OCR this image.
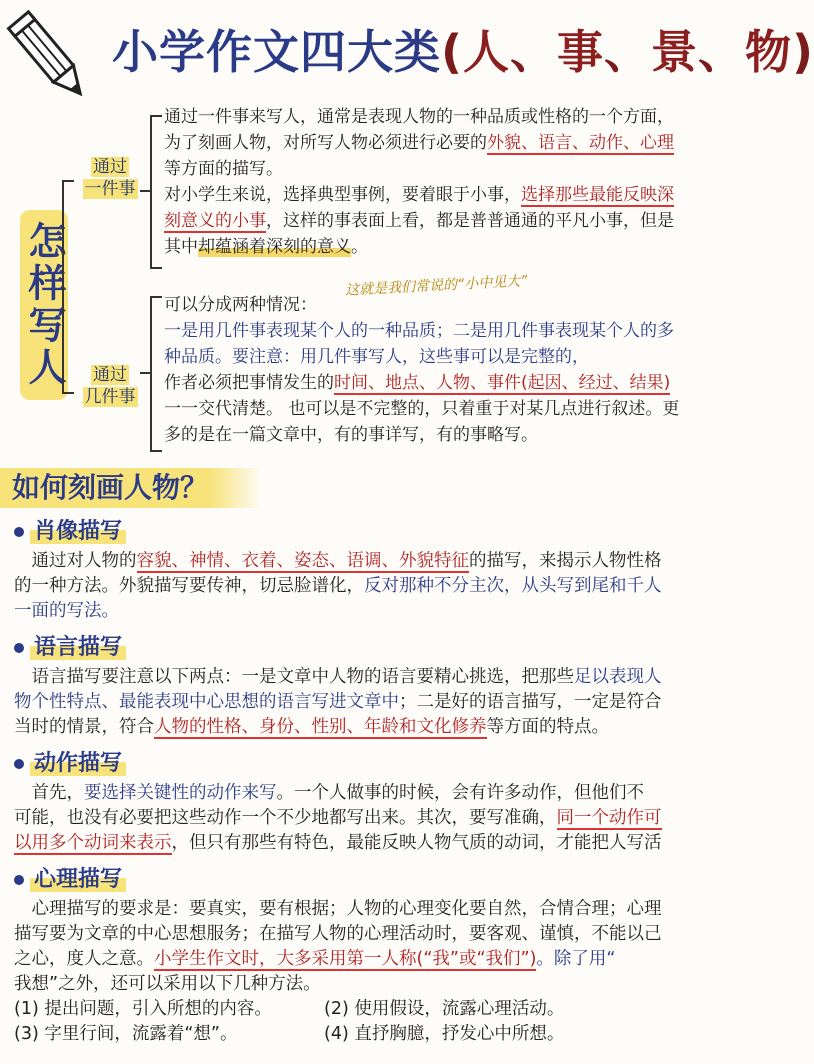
小学作文四大类(人、事、景、物)
怎样写人
通过
一件事
通过
几件事
通过一件事来写人，通常是表现人物的一种品质或性格的一个方面，
为了刻画人物，对所写人物必须进行必要的外貌、语言、动作、心理
等方面的描写。
对小学生来说，选择典型事例，要着眼于小事，选择那些最能反映深
刻意义的小事，这样的事表面上看，都是普普通通的平凡小事，但是
其中却蕴涵着深刻的意义。
这就是我们常说的“小中见大”
可以分成两种情况：
一是用几件事表现某个人的一种品质；二是用几件事表现某个人的多
种品质。要注意：用几件事写人，这些事可以是完整的，
作者必须把事情发生的时间、地点、人物、事件(起因、经过、结果)
一一交代清楚。 也可以是不完整的，只着重于对某几点进行叙述。更
多的是在一篇文章中，有的事详写，有的事略写。
如何刻画人物？
肖像描写

　通过对人物的容貌、神情、衣着、姿态、语调、外貌特征的描写，来揭示人物性格

的一种方法。外貌描写要传神，切忌脸谱化，反对那种不分主次，从头写到尾和千人

一面的写法。

语言描写

　语言描写要注意以下两点：一是文章中人物的语言要精心挑选，把那些足以表现人

物个性特点、最能表现中心思想的语言写进文章中；二是好的语言描写，一定是符合

当时的情景，符合人物的性格、身份、性别、年龄和文化修养等方面的特点。

动作描写

　首先，要选择关键性的动作来写。一个人做事的时候，会有许多动作，但他们不

可能，也没有必要把这些动作一个不少地都写出来。其次，要写准确，同一个动作可

以用多个动词来表示，但只有那些有特色，最能反映人物气质的动词，才能把人写活

心理描写

　心理描写的要求是：要真实，要有根据；人物的心理变化要自然，合情合理；心理

描写要为文章的中心思想服务；在描写人物的心理活动时，要客观、谨慎，不能以己

之心，度人之意。小学生作文时，大多采用第一人称(“我”或“我们”)。除了用“

我想”之外，还可以采用以下几种方法。

(1) 提出问题，引入所想的内容。	(2) 使用假设，流露心理活动。

(3) 字里行间，流露着“想”。	(4) 直抒胸臆，抒发心中所想。
